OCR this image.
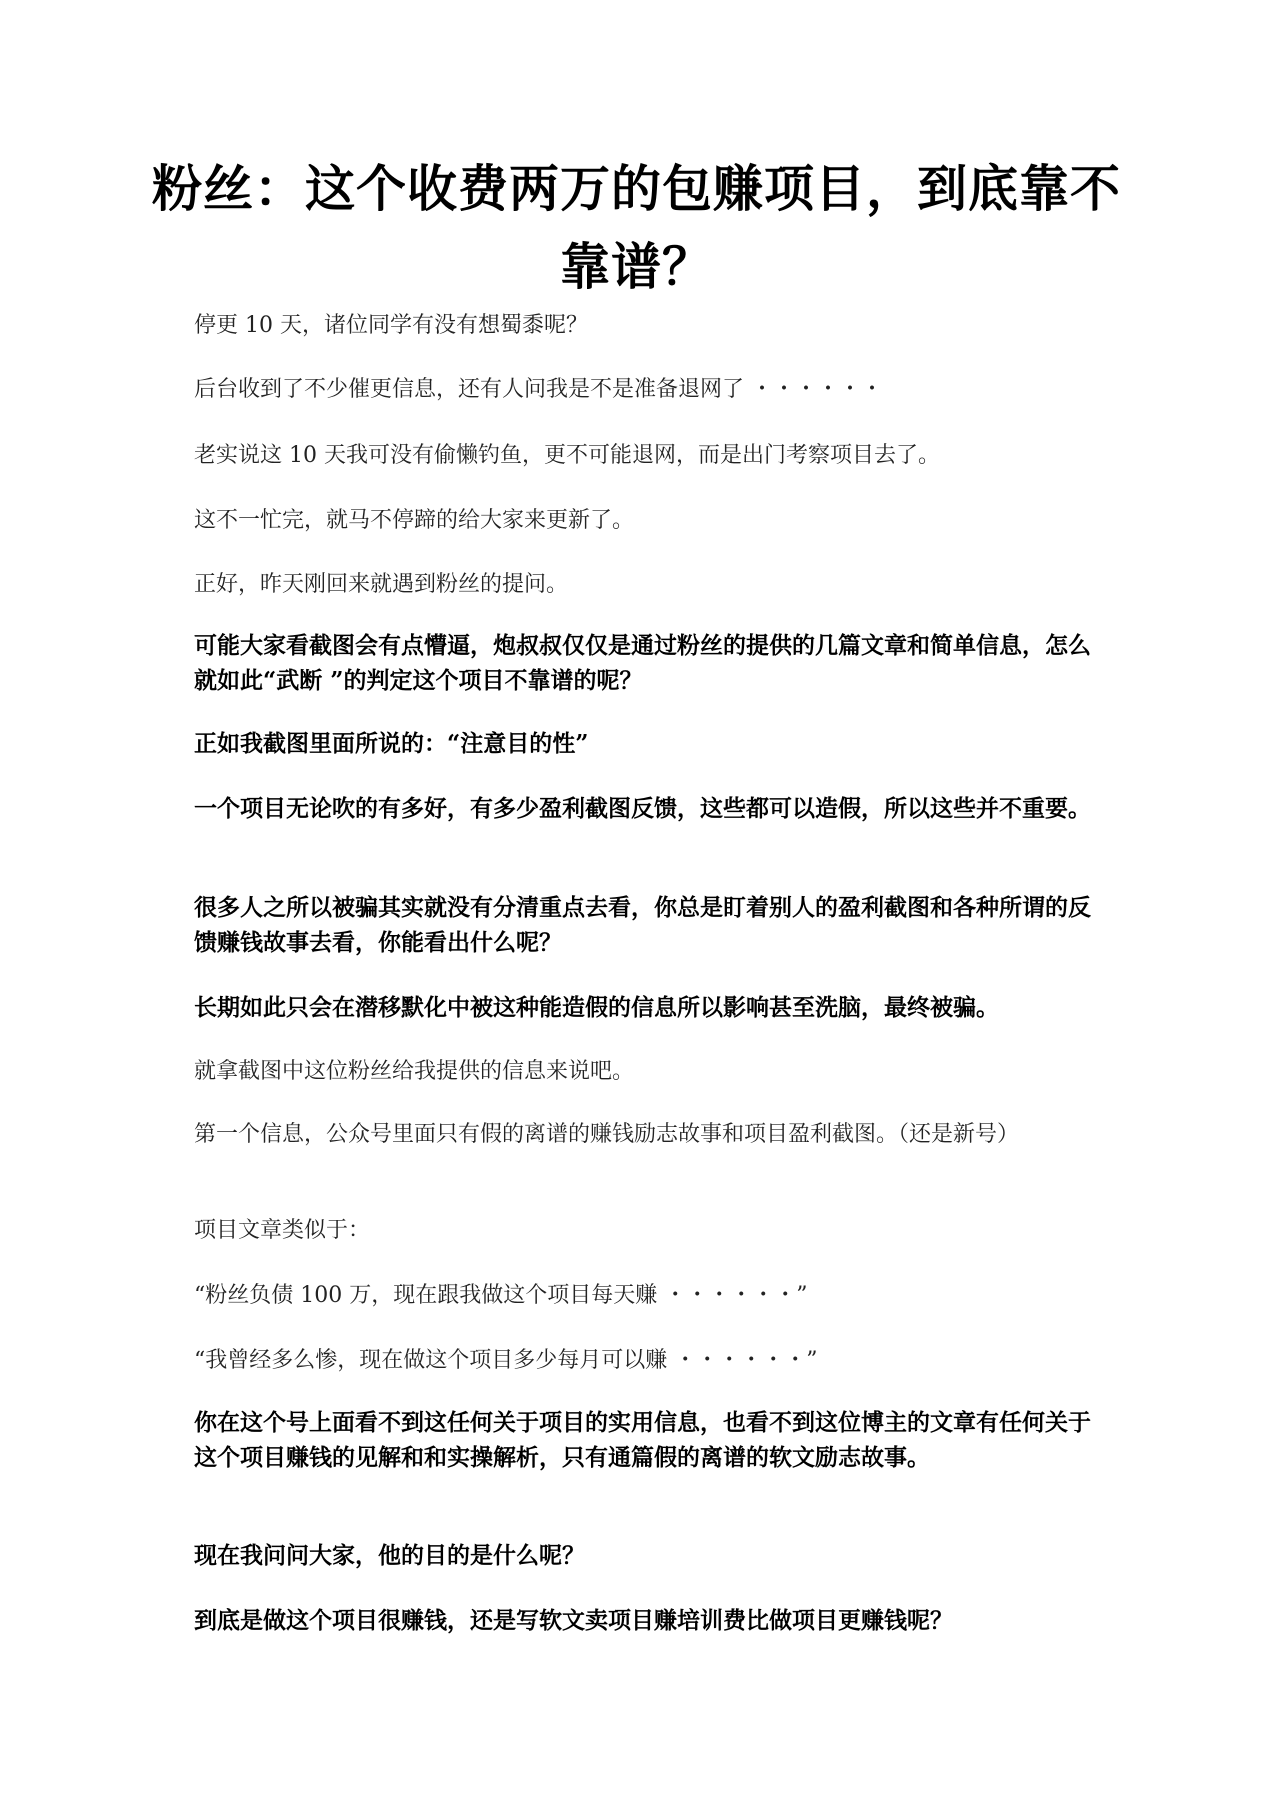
粉丝：这个收费两万的包赚项目，到底靠不靠谱？

停更 10 天，诸位同学有没有想蜀黍呢？

后台收到了不少催更信息，还有人问我是不是准备退网了 ・・・・・・

老实说这 10 天我可没有偷懒钓鱼，更不可能退网，而是出门考察项目去了。

这不一忙完，就马不停蹄的给大家来更新了。

正好，昨天刚回来就遇到粉丝的提问。

可能大家看截图会有点懵逼，炮叔叔仅仅是通过粉丝的提供的几篇文章和简单信息，怎么就如此“武断 ”的判定这个项目不靠谱的呢？

正如我截图里面所说的：“注意目的性”

一个项目无论吹的有多好，有多少盈利截图反馈，这些都可以造假，所以这些并不重要。

很多人之所以被骗其实就没有分清重点去看，你总是盯着别人的盈利截图和各种所谓的反馈赚钱故事去看，你能看出什么呢？

长期如此只会在潜移默化中被这种能造假的信息所以影响甚至洗脑，最终被骗。

就拿截图中这位粉丝给我提供的信息来说吧。

第一个信息，公众号里面只有假的离谱的赚钱励志故事和项目盈利截图。（还是新号）

项目文章类似于：

“粉丝负债 100 万，现在跟我做这个项目每天赚 ・・・・・・”

“我曾经多么惨，现在做这个项目多少每月可以赚 ・・・・・・”

你在这个号上面看不到这任何关于项目的实用信息，也看不到这位博主的文章有任何关于这个项目赚钱的见解和和实操解析，只有通篇假的离谱的软文励志故事。

现在我问问大家，他的目的是什么呢？

到底是做这个项目很赚钱，还是写软文卖项目赚培训费比做项目更赚钱呢？
